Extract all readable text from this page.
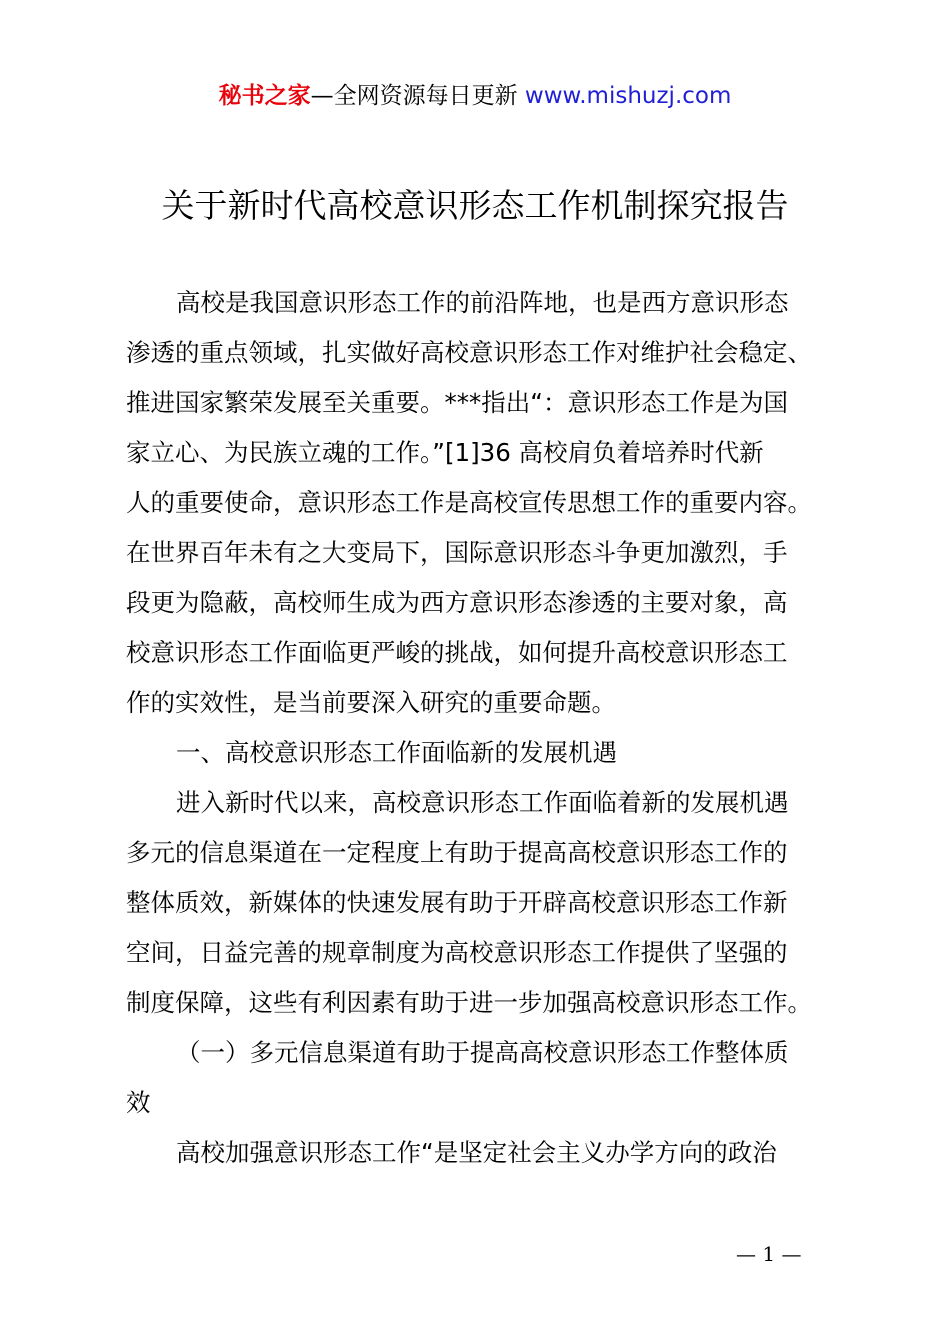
秘书之家—全网资源每日更新 www.mishuzj.com
关于新时代高校意识形态工作机制探究报告
高校是我国意识形态工作的前沿阵地，也是西方意识形态
渗透的重点领域，扎实做好高校意识形态工作对维护社会稳定、
推进国家繁荣发展至关重要。***指出“：意识形态工作是为国
家立心、为民族立魂的工作。”[1]36 高校肩负着培养时代新
人的重要使命，意识形态工作是高校宣传思想工作的重要内容。
在世界百年未有之大变局下，国际意识形态斗争更加激烈，手
段更为隐蔽，高校师生成为西方意识形态渗透的主要对象，高
校意识形态工作面临更严峻的挑战，如何提升高校意识形态工
作的实效性，是当前要深入研究的重要命题。
一、高校意识形态工作面临新的发展机遇
进入新时代以来，高校意识形态工作面临着新的发展机遇
多元的信息渠道在一定程度上有助于提高高校意识形态工作的
整体质效，新媒体的快速发展有助于开辟高校意识形态工作新
空间，日益完善的规章制度为高校意识形态工作提供了坚强的
制度保障，这些有利因素有助于进一步加强高校意识形态工作。
（一）多元信息渠道有助于提高高校意识形态工作整体质
效
高校加强意识形态工作“是坚定社会主义办学方向的政治
— 1 —
